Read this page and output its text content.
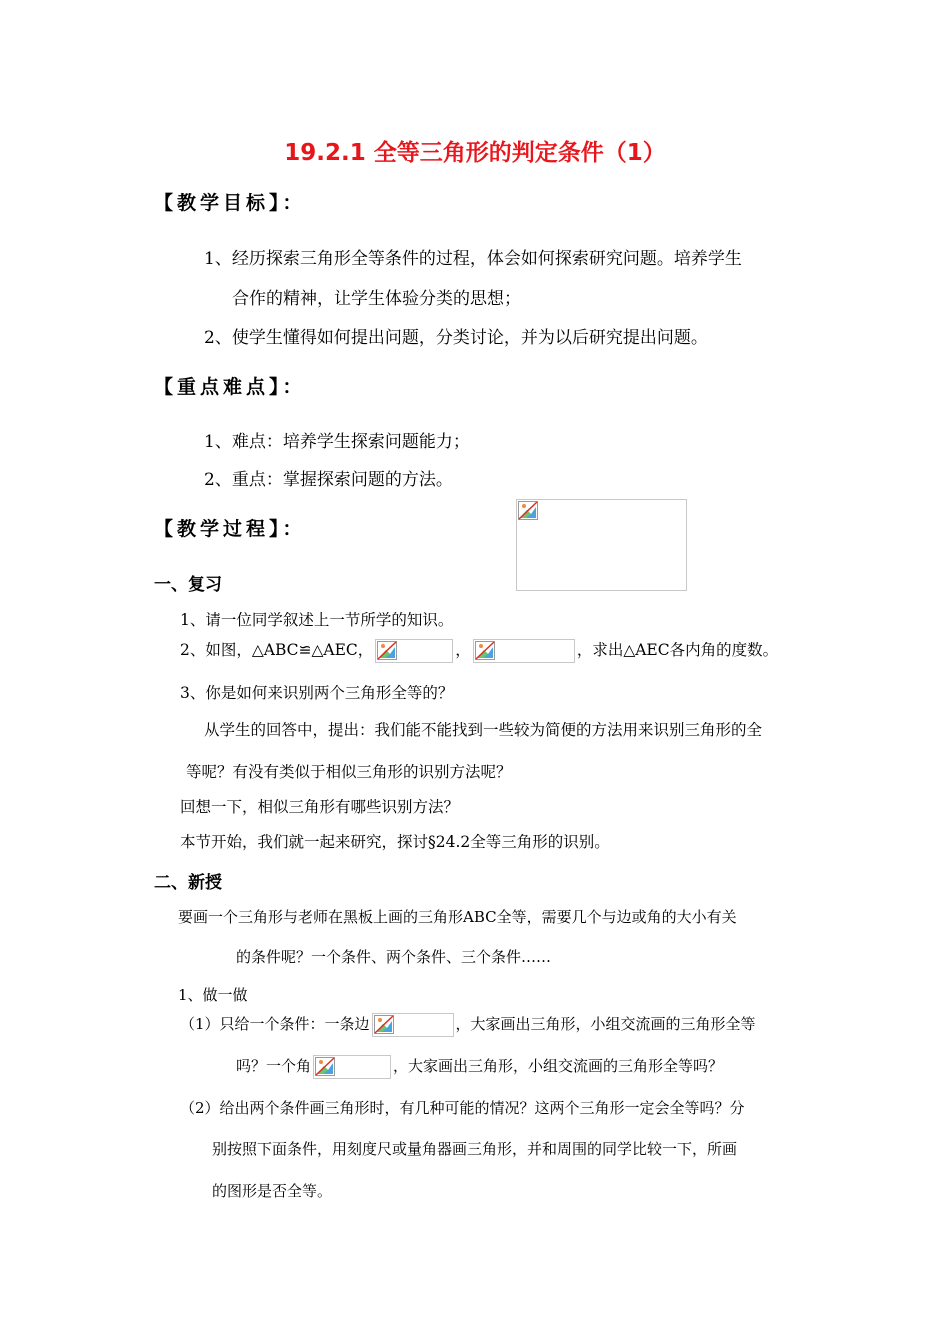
19.2.1 全等三角形的判定条件（1）
【教学目标】：
1、经历探索三角形全等条件的过程，体会如何探索研究问题。培养学生
合作的精神，让学生体验分类的思想；
2、使学生懂得如何提出问题，分类讨论，并为以后研究提出问题。
【重点难点】：
1、难点：培养学生探索问题能力；
2、重点：掌握探索问题的方法。
【教学过程】：
一、复习
1、请一位同学叙述上一节所学的知识。
2、如图，△ABC≌△AEC，	，	，求出△AEC各内角的度数。
3、你是如何来识别两个三角形全等的？
从学生的回答中，提出：我们能不能找到一些较为简便的方法用来识别三角形的全
等呢？有没有类似于相似三角形的识别方法呢？
回想一下，相似三角形有哪些识别方法？
本节开始，我们就一起来研究，探讨§24.2全等三角形的识别。
二、新授
要画一个三角形与老师在黑板上画的三角形ABC全等，需要几个与边或角的大小有关
的条件呢？一个条件、两个条件、三个条件……
1、做一做
（1）只给一个条件：一条边	，大家画出三角形，小组交流画的三角形全等
吗？一个角	，大家画出三角形，小组交流画的三角形全等吗？
（2）给出两个条件画三角形时，有几种可能的情况？这两个三角形一定会全等吗？分
别按照下面条件，用刻度尺或量角器画三角形，并和周围的同学比较一下，所画
的图形是否全等。
